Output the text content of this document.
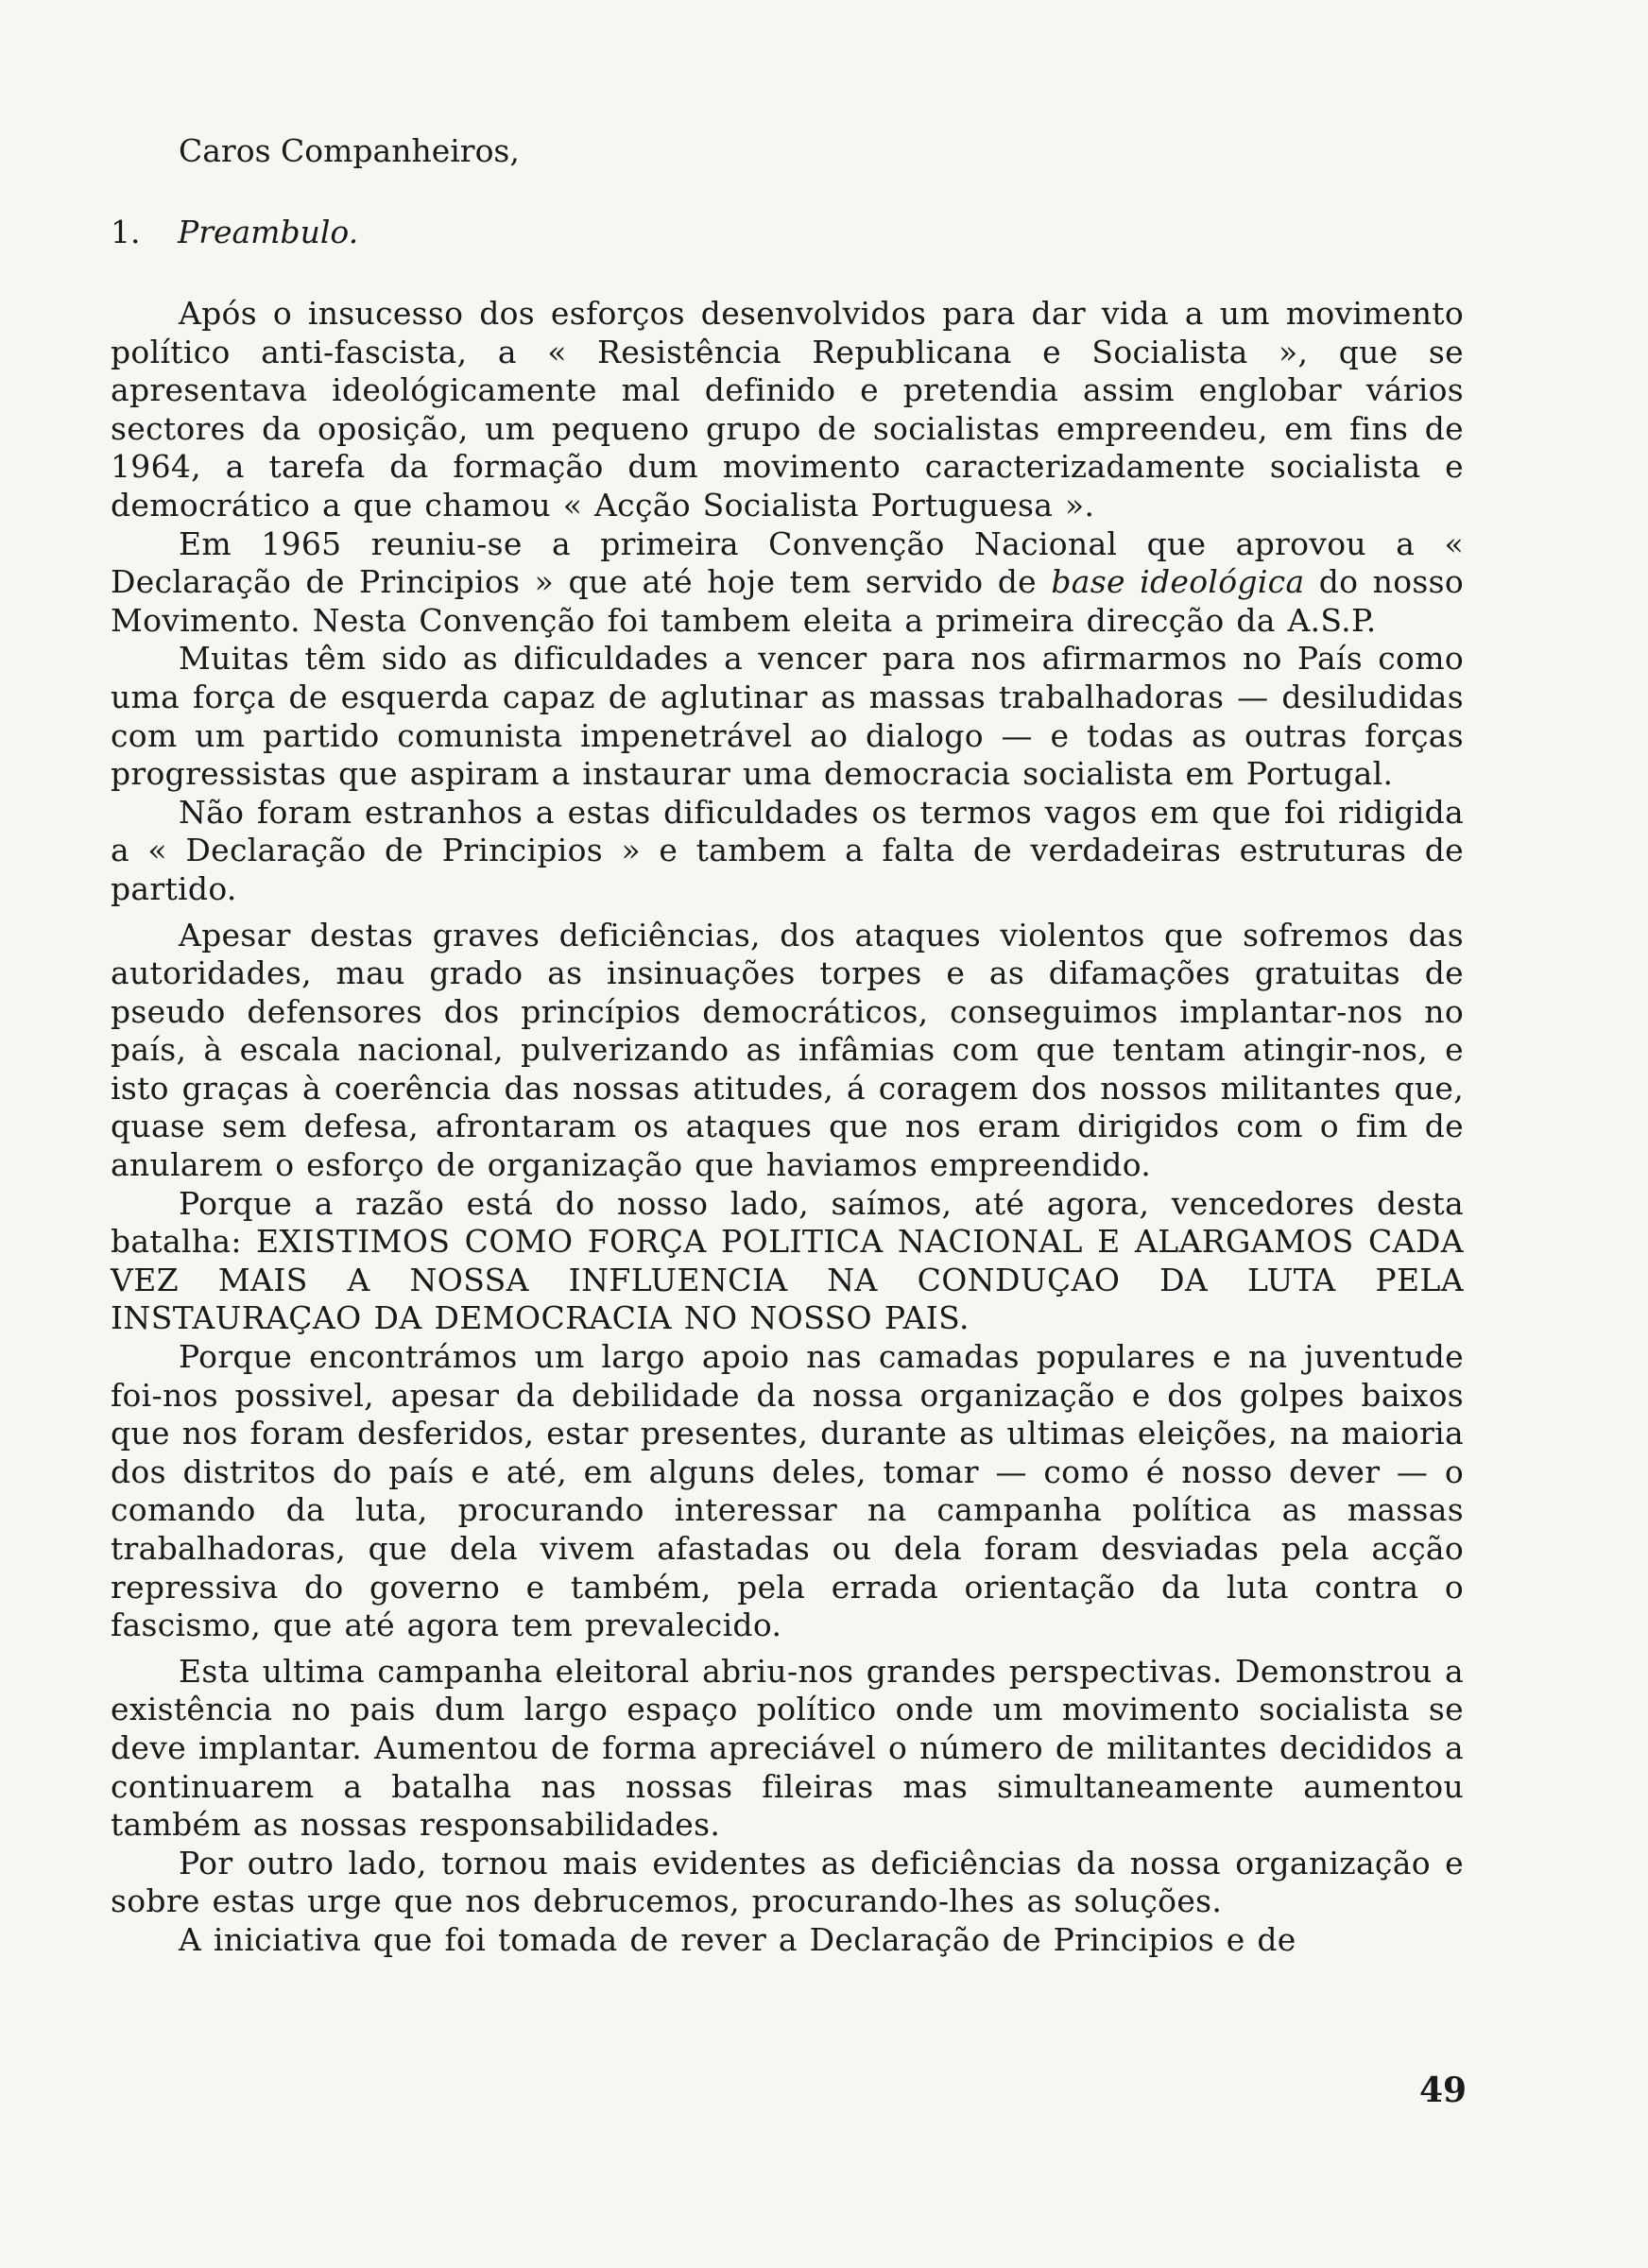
Caros Companheiros,
1. Preambulo.

Após o insucesso dos esforços desenvolvidos para dar vida a um movimento político anti-fascista, a « Resistência Republicana e Socialista », que se apresentava ideológicamente mal definido e pretendia assim englobar vários sectores da oposição, um pequeno grupo de socialistas empreendeu, em fins de 1964, a tarefa da formação dum movimento caracterizadamente socialista e democrático a que chamou « Acção Socialista Portuguesa ».

Em 1965 reuniu-se a primeira Convenção Nacional que aprovou a « Declaração de Principios » que até hoje tem servido de base ideológica do nosso Movimento. Nesta Convenção foi tambem eleita a primeira direcção da A.S.P.

Muitas têm sido as dificuldades a vencer para nos afirmarmos no País como uma força de esquerda capaz de aglutinar as massas trabalhadoras — desiludidas com um partido comunista impenetrável ao dialogo — e todas as outras forças progressistas que aspiram a instaurar uma democracia socialista em Portugal.

Não foram estranhos a estas dificuldades os termos vagos em que foi ridigida a « Declaração de Principios » e tambem a falta de verdadeiras estruturas de partido.

Apesar destas graves deficiências, dos ataques violentos que sofremos das autoridades, mau grado as insinuações torpes e as difamações gratuitas de pseudo defensores dos princípios democráticos, conseguimos implantar-nos no país, à escala nacional, pulverizando as infâmias com que tentam atingir-nos, e isto graças à coerência das nossas atitudes, á coragem dos nossos militantes que, quase sem defesa, afrontaram os ataques que nos eram dirigidos com o fim de anularem o esforço de organização que haviamos empreendido.

Porque a razão está do nosso lado, saímos, até agora, vencedores desta batalha: EXISTIMOS COMO FORÇA POLITICA NACIONAL E ALARGAMOS CADA VEZ MAIS A NOSSA INFLUENCIA NA CONDUÇAO DA LUTA PELA INSTAURAÇAO DA DEMOCRACIA NO NOSSO PAIS.

Porque encontrámos um largo apoio nas camadas populares e na juventude foi-nos possivel, apesar da debilidade da nossa organização e dos golpes baixos que nos foram desferidos, estar presentes, durante as ultimas eleições, na maioria dos distritos do país e até, em alguns deles, tomar — como é nosso dever — o comando da luta, procurando interessar na campanha política as massas trabalhadoras, que dela vivem afastadas ou dela foram desviadas pela acção repressiva do governo e também, pela errada orientação da luta contra o fascismo, que até agora tem prevalecido.

Esta ultima campanha eleitoral abriu-nos grandes perspectivas. Demonstrou a existência no pais dum largo espaço político onde um movimento socialista se deve implantar. Aumentou de forma apreciável o número de militantes decididos a continuarem a batalha nas nossas fileiras mas simultaneamente aumentou também as nossas responsabilidades.

Por outro lado, tornou mais evidentes as deficiências da nossa organização e sobre estas urge que nos debrucemos, procurando-lhes as soluções.

A iniciativa que foi tomada de rever a Declaração de Principios e de

49
